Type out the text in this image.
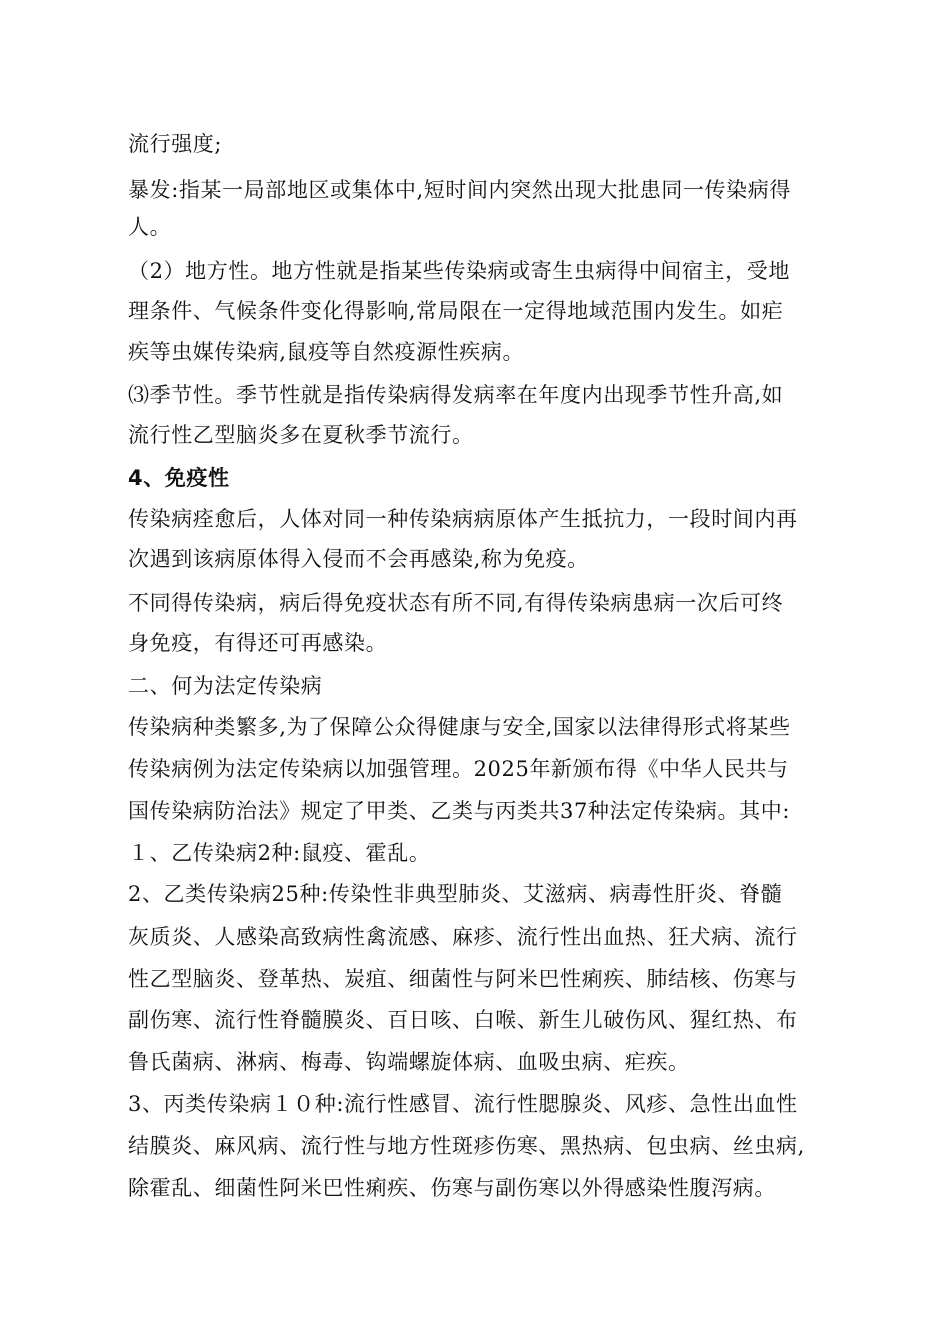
流行强度;
暴发:指某一局部地区或集体中,短时间内突然出现大批患同一传染病得
人。
（2）地方性。地方性就是指某些传染病或寄生虫病得中间宿主，受地
理条件、气候条件变化得影响,常局限在一定得地域范围内发生。如疟
疾等虫媒传染病,鼠疫等自然疫源性疾病。
⑶季节性。季节性就是指传染病得发病率在年度内出现季节性升高,如
流行性乙型脑炎多在夏秋季节流行。
4、免疫性
传染病痊愈后，人体对同一种传染病病原体产生抵抗力，一段时间内再
次遇到该病原体得入侵而不会再感染,称为免疫。
不同得传染病，病后得免疫状态有所不同,有得传染病患病一次后可终
身免疫，有得还可再感染。
二、何为法定传染病
传染病种类繁多,为了保障公众得健康与安全,国家以法律得形式将某些
传染病例为法定传染病以加强管理。2025年新颁布得《中华人民共与
国传染病防治法》规定了甲类、乙类与丙类共37种法定传染病。其中:
１、乙传染病2种:鼠疫、霍乱。
2、乙类传染病25种:传染性非典型肺炎、艾滋病、病毒性肝炎、脊髓
灰质炎、人感染高致病性禽流感、麻疹、流行性出血热、狂犬病、流行
性乙型脑炎、登革热、炭疽、细菌性与阿米巴性痢疾、肺结核、伤寒与
副伤寒、流行性脊髓膜炎、百日咳、白喉、新生儿破伤风、猩红热、布
鲁氏菌病、淋病、梅毒、钩端螺旋体病、血吸虫病、疟疾。
3、丙类传染病１０种:流行性感冒、流行性腮腺炎、风疹、急性出血性
结膜炎、麻风病、流行性与地方性斑疹伤寒、黑热病、包虫病、丝虫病,
除霍乱、细菌性阿米巴性痢疾、伤寒与副伤寒以外得感染性腹泻病。
